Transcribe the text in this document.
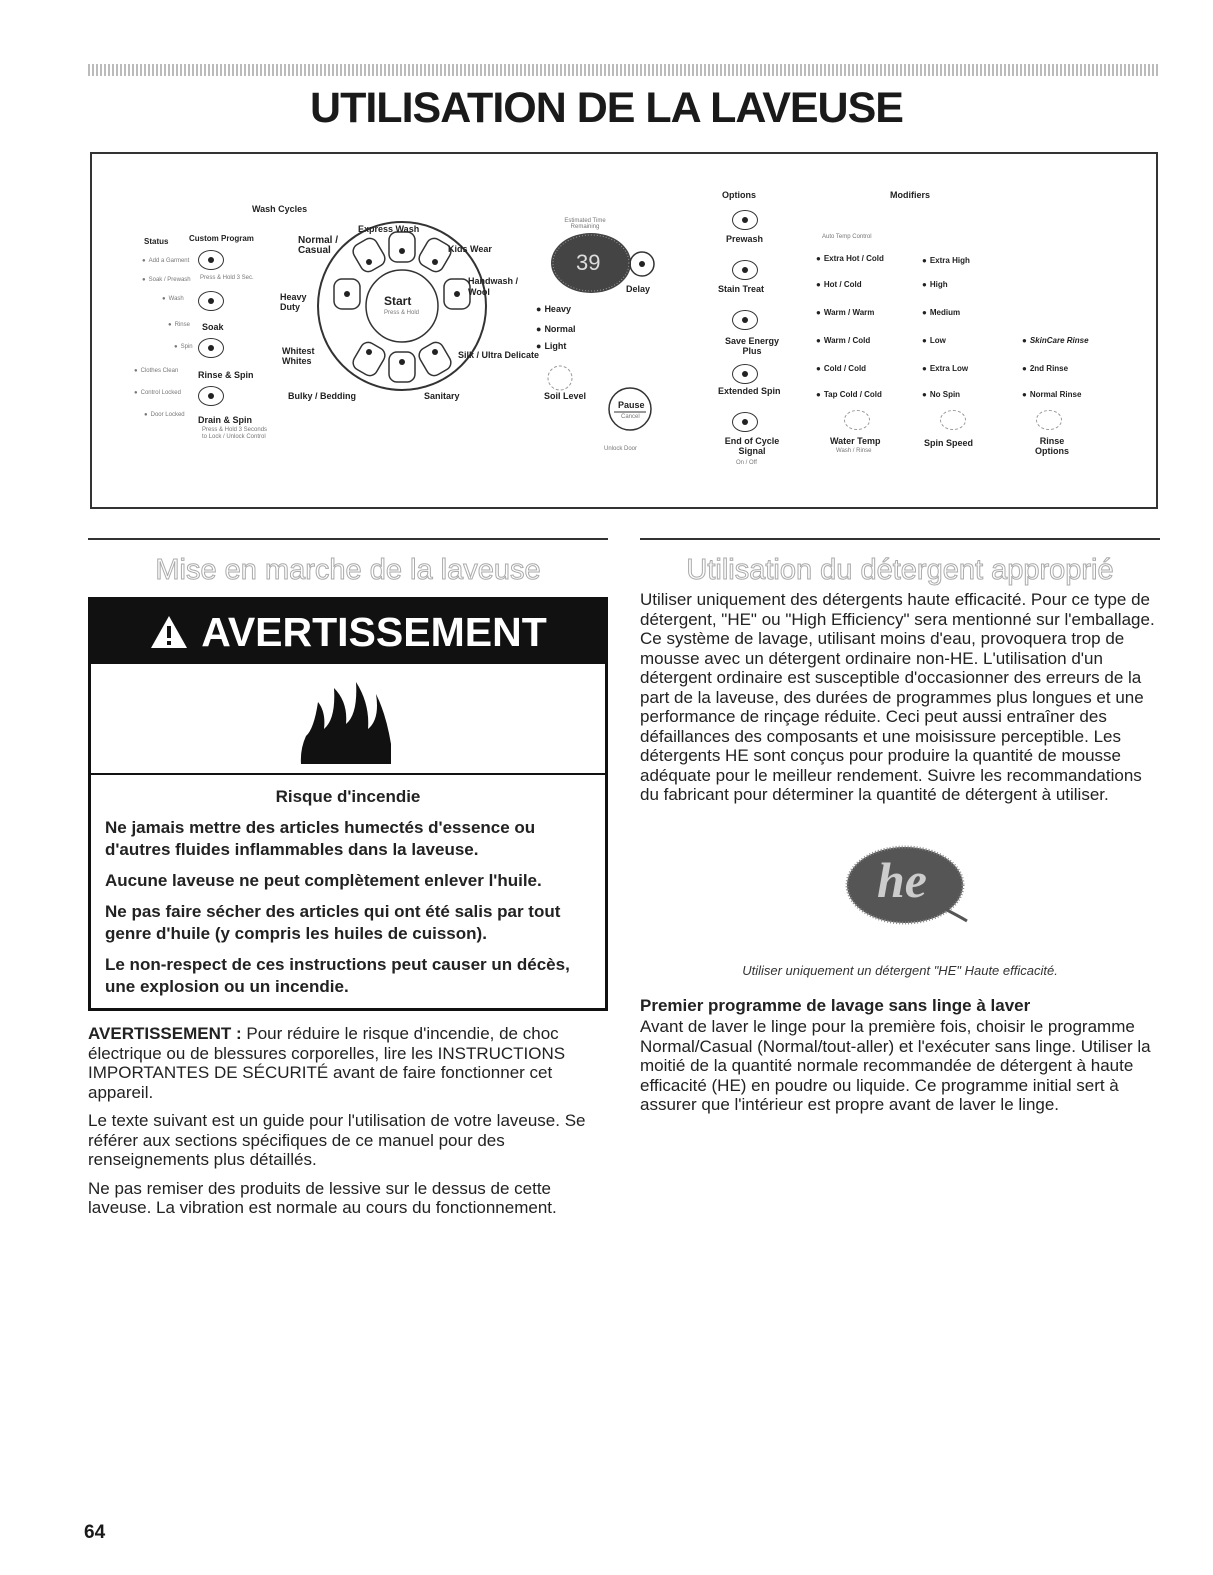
UTILISATION DE LA LAVEUSE
Wash Cycles
Status	Custom Program
● Add a Garment
● Soak / Prewash
● Wash
● Rinse
● Spin
● Clothes Clean
● Control Locked
● Door Locked
Press & Hold 3 Sec.
Soak
Rinse & Spin
Drain & Spin
Press & Hold 3 Seconds to Lock / Unlock Control
Normal / Casual
Express Wash
Kids Wear
Handwash / Wool
Heavy Duty	Start
Press & Hold
Whitest Whites
Silk / Ultra Delicate
Bulky / Bedding	Sanitary
Estimated Time Remaining
39
Delay
● Heavy
● Normal
● Light
Soil Level
Pause
Cancel
Unlock Door
Options
Prewash
Stain Treat
Save Energy Plus
Extended Spin
End of Cycle Signal
On / Off
Modifiers
Auto Temp Control
● Extra Hot / Cold
● Hot / Cold
● Warm / Warm
● Warm / Cold
● Cold / Cold
● Tap Cold / Cold
Water Temp
Wash / Rinse
● Extra High
● High
● Medium
● Low
● Extra Low
● No Spin
Spin Speed
● SkinCare Rinse
● 2nd Rinse
● Normal Rinse
Rinse Options
Mise en marche de la laveuse
AVERTISSEMENT
Risque d'incendie

Ne jamais mettre des articles humectés d'essence ou d'autres fluides inflammables dans la laveuse.

Aucune laveuse ne peut complètement enlever l'huile.

Ne pas faire sécher des articles qui ont été salis par tout genre d'huile (y compris les huiles de cuisson).

Le non-respect de ces instructions peut causer un décès, une explosion ou un incendie.

AVERTISSEMENT : Pour réduire le risque d'incendie, de choc électrique ou de blessures corporelles, lire les INSTRUCTIONS IMPORTANTES DE SÉCURITÉ avant de faire fonctionner cet appareil.

Le texte suivant est un guide pour l'utilisation de votre laveuse. Se référer aux sections spécifiques de ce manuel pour des renseignements plus détaillés.

Ne pas remiser des produits de lessive sur le dessus de cette laveuse. La vibration est normale au cours du fonctionnement.

Utilisation du détergent approprié

Utiliser uniquement des détergents haute efficacité. Pour ce type de détergent, "HE" ou "High Efficiency" sera mentionné sur l'emballage. Ce système de lavage, utilisant moins d'eau, provoquera trop de mousse avec un détergent ordinaire non-HE. L'utilisation d'un détergent ordinaire est susceptible d'occasionner des erreurs de la part de la laveuse, des durées de programmes plus longues et une performance de rinçage réduite. Ceci peut aussi entraîner des défaillances des composants et une moisissure perceptible. Les détergents HE sont conçus pour produire la quantité de mousse adéquate pour le meilleur rendement. Suivre les recommandations du fabricant pour déterminer la quantité de détergent à utiliser.

he

Utiliser uniquement un détergent "HE" Haute efficacité.

Premier programme de lavage sans linge à laver

Avant de laver le linge pour la première fois, choisir le programme Normal/Casual (Normal/tout-aller) et l'exécuter sans linge. Utiliser la moitié de la quantité normale recommandée de détergent à haute efficacité (HE) en poudre ou liquide. Ce programme initial sert à assurer que l'intérieur est propre avant de laver le linge.

64
